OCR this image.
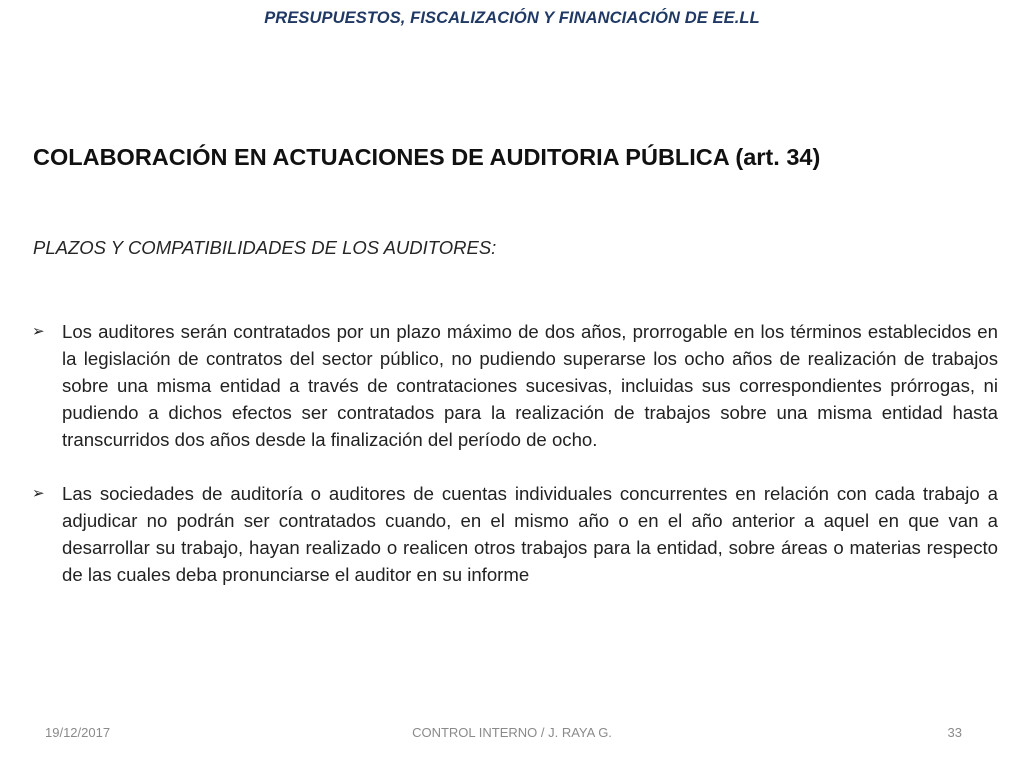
PRESUPUESTOS, FISCALIZACIÓN Y FINANCIACIÓN DE EE.LL
COLABORACIÓN EN ACTUACIONES DE AUDITORIA PÚBLICA (art. 34)
PLAZOS Y COMPATIBILIDADES DE LOS AUDITORES:
➢ Los auditores serán contratados por un plazo máximo de dos años, prorrogable en los términos establecidos en la legislación de contratos del sector público, no pudiendo superarse los ocho años de realización de trabajos sobre una misma entidad a través de contrataciones sucesivas, incluidas sus correspondientes prórrogas, ni pudiendo a dichos efectos ser contratados para la realización de trabajos sobre una misma entidad hasta transcurridos dos años desde la finalización del período de ocho.
➢ Las sociedades de auditoría o auditores de cuentas individuales concurrentes en relación con cada trabajo a adjudicar no podrán ser contratados cuando, en el mismo año o en el año anterior a aquel en que van a desarrollar su trabajo, hayan realizado o realicen otros trabajos para la entidad, sobre áreas o materias respecto de las cuales deba pronunciarse el auditor en su informe
19/12/2017	CONTROL INTERNO / J. RAYA G.	33
